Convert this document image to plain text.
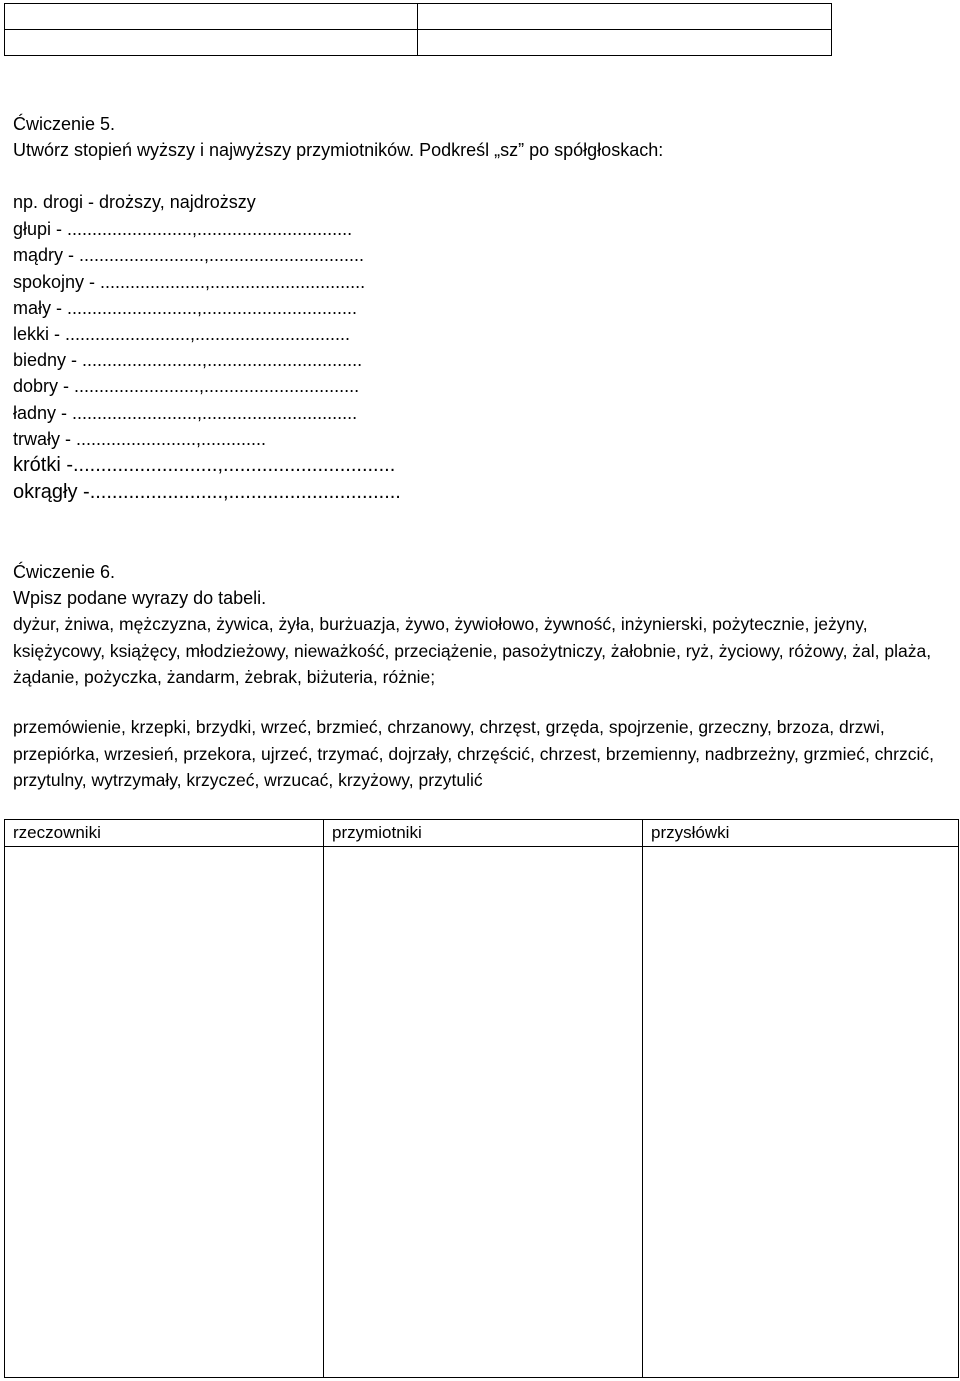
Ćwiczenie 5.
Utwórz stopień wyższy i najwyższy przymiotników. Podkreśl „sz” po spółgłoskach:
np. drogi - droższy, najdroższy
głupi - .........................,...............................
mądry - .........................,...............................
spokojny - .....................,...............................
mały - ..........................,...............................
lekki - .........................,...............................
biedny - ........................,...............................
dobry - .........................,...............................
ładny - .........................,...............................
trwały - ........................,.............
krótki -..........................,...............................
okrągły -........................,...............................
Ćwiczenie 6.
Wpisz podane wyrazy do tabeli.
dyżur, żniwa, mężczyzna, żywica, żyła, burżuazja, żywo, żywiołowo, żywność, inżynierski, pożytecznie, jeżyny, księżycowy, książęcy, młodzieżowy, nieważkość, przeciążenie, pasożytniczy, żałobnie, ryż, życiowy, różowy, żal, plaża, żądanie, pożyczka, żandarm, żebrak, biżuteria, różnie;
przemówienie, krzepki, brzydki, wrzeć, brzmieć, chrzanowy, chrzęst, grzęda, spojrzenie, grzeczny, brzoza, drzwi, przepiórka, wrzesień, przekora, ujrzeć, trzymać, dojrzały, chrzęścić, chrzest, brzemienny, nadbrzeżny, grzmieć, chrzcić, przytulny, wytrzymały, krzyczeć, wrzucać, krzyżowy, przytulić
rzeczowniki	przymiotniki	przysłówki
